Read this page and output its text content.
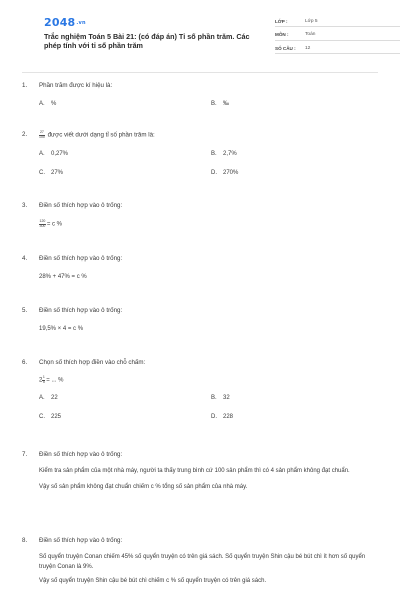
2048.vn
Trắc nghiệm Toán 5 Bài 21: (có đáp án) Tỉ số phần trăm. Các phép tính với tỉ số phần trăm
LỚP :	Lớp 5
MÔN :	Toán
SỐ CÂU :	12
1.	Phần trăm được kí hiệu là:
A. %	B. ‰
2.	$\frac{27}{100}$ được viết dưới dạng tỉ số phần trăm là:
A. 0,27%	B. 2,7%
C. 27%	D. 270%
3.	Điền số thích hợp vào ô trống:
$\frac{120}{300} = c$ %
4.	Điền số thích hợp vào ô trống:
28% + 47% = c %
5.	Điền số thích hợp vào ô trống:
19,5% × 4 = c %
6.	Chọn số thích hợp điền vào chỗ chấm:
$2 \frac{1}{5}$ = ... %
A. 22	B. 32
C. 225	D. 228
7.	Điền số thích hợp vào ô trống:
Kiểm tra sản phẩm của một nhà máy, người ta thấy trung bình cứ 100 sản phẩm thì có 4 sản phẩm không đạt chuẩn.
Vậy số sản phẩm không đạt chuẩn chiếm c % tổng số sản phẩm của nhà máy.
8.	Điền số thích hợp vào ô trống:
Số quyển truyện Conan chiếm 45% số quyển truyện có trên giá sách. Số quyển truyện Shin cậu bé bút chì ít hơn số quyển truyện Conan là 9%.
Vậy số quyển truyện Shin cậu bé bút chì chiếm c % số quyển truyện có trên giá sách.
